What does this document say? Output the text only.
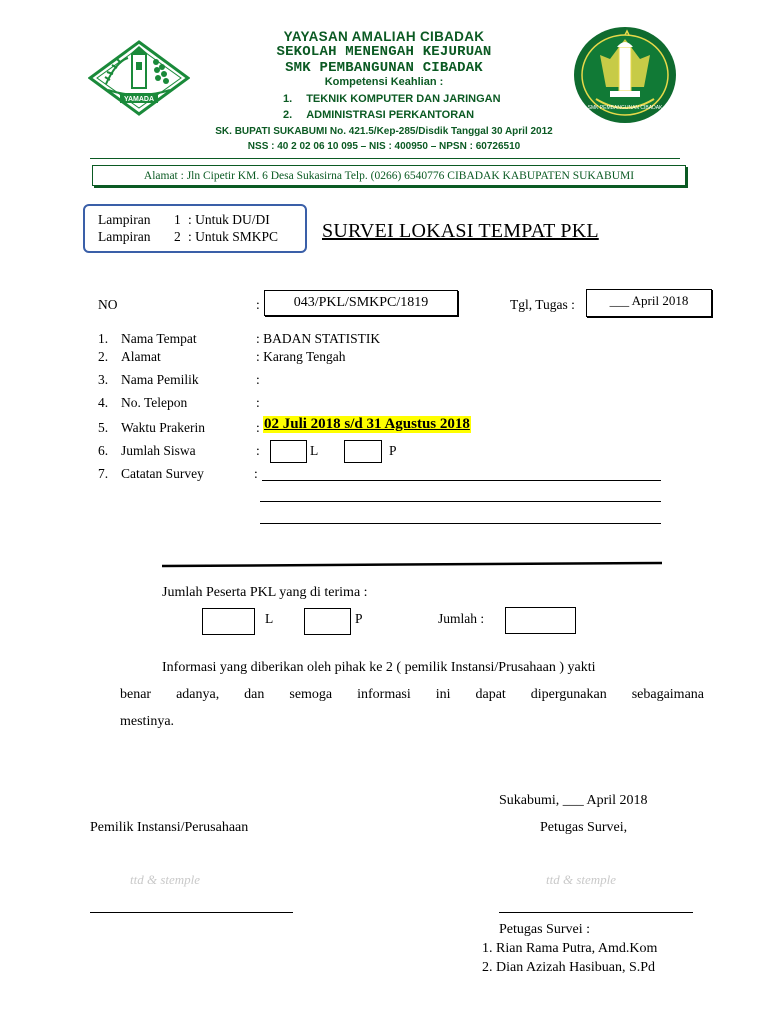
YAMADA
SMK PEMBANGUNAN CIBADAK
YAYASAN AMALIAH CIBADAK
SEKOLAH MENENGAH KEJURUAN
SMK PEMBANGUNAN CIBADAK
Kompetensi Keahlian :
1. TEKNIK KOMPUTER DAN JARINGAN
2. ADMINISTRASI PERKANTORAN
SK. BUPATI SUKABUMI No. 421.5/Kep-285/Disdik Tanggal 30 April 2012
NSS : 40 2 02 06 10 095 – NIS : 400950 – NPSN : 60726510
Alamat : Jln Cipetir KM. 6 Desa Sukasirna Telp. (0266) 6540776 CIBADAK KABUPATEN SUKABUMI
Lampiran 1 : Untuk DU/DI
Lampiran 2 : Untuk SMKPC SURVEI LOKASI TEMPAT PKL
NO	:	043/PKL/SMKPC/1819	Tgl, Tugas :	___ April 2018
1. Nama Tempat	: BADAN STATISTIK
2. Alamat	: Karang Tengah
3. Nama Pemilik	:
4. No. Telepon	:
5. Waktu Prakerin	: 02 Juli 2018 s/d 31 Agustus 2018
6. Jumlah Siswa	:	L	P
7. Catatan Survey	:
Jumlah Peserta PKL yang di terima :
L	P	Jumlah :
Informasi yang diberikan oleh pihak ke 2 ( pemilik Instansi/Prusahaan ) yakti
benar adanya, dan semoga informasi ini dapat dipergunakan sebagaimana
mestinya.
Sukabumi, ___ April 2018
Pemilik Instansi/Perusahaan	Petugas Survei,
ttd & stemple	ttd & stemple
Petugas Survei :
1. Rian Rama Putra, Amd.Kom
2. Dian Azizah Hasibuan, S.Pd
